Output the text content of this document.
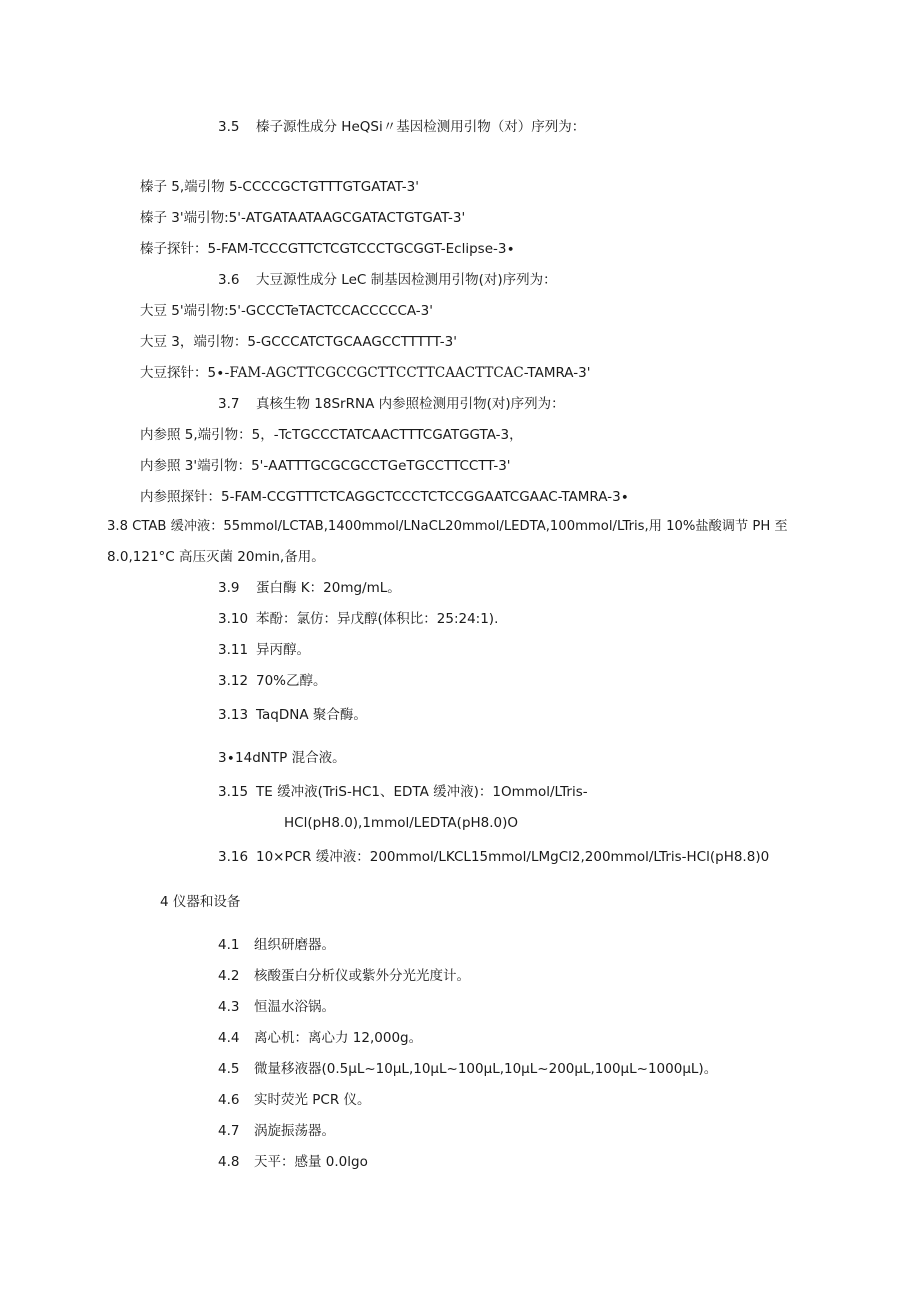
3.5 榛子源性成分 HeQSi〃基因检测用引物（对）序列为：
榛子 5,端引物 5-CCCCGCTGTTTGTGATAT-3'
榛子 3'端引物:5'-ATGATAATAAGCGATACTGTGAT-3'
榛子探针：5-FAM-TCCCGTTCTCGTCCCTGCGGT-Eclipse-3∙
3.6 大豆源性成分 LeC 制基因检测用引物(对)序列为：
大豆 5'端引物:5'-GCCCTeTACTCCACCCCCA-3'
大豆 3，端引物：5-GCCCATCTGCAAGCCTTTTT-3'
大豆探针：5∙-FAM-AGCTTCGCCGCTTCCTTCAACTTCAC-TAMRA-3'
3.7 真核生物 18SrRNA 内参照检测用引物(对)序列为：
内参照 5,端引物：5，-TcTGCCCTATCAACTTTCGATGGTA-3，
内参照 3'端引物：5'-AATTTGCGCGCCTGeTGCCTTCCTT-3'
内参照探针：5-FAM-CCGTTTCTCAGGCTCCCTCTCCGGAATCGAAC-TAMRA-3∙
3.8 CTAB 缓冲液：55mmol/LCTAB,1400mmol/LNaCL20mmol/LEDTA,100mmol/LTris,用 10%盐酸调节 PH 至
8.0,121°C 高压灭菌 20min,备用。
3.9 蛋白酶 K：20mg∕mL。
3.10 苯酚：氯仿：异戊醇(体积比：25:24:1).
3.11 异丙醇。
3.12 70%乙醇。
3.13 TaqDNA 聚合酶。
3∙14dNTP 混合液。
3.15 TE 缓冲液(TriS-HC1、EDTA 缓冲液)：1Ommol/LTris-
HCl(pH8.0),1mmol/LEDTA(pH8.0)O
3.16 10×PCR 缓冲液：200mmol/LKCL15mmol/LMgCl2,200mmol/LTris-HCl(pH8.8)0
4 仪器和设备
4.1 组织研磨器。
4.2 核酸蛋白分析仪或紫外分光光度计。
4.3 恒温水浴锅。
4.4 离心机：离心力 12,000g。
4.5 微量移液器(0.5μL~10μL,10μL~100μL,10μL~200μL,100μL~1000μL)。
4.6 实时荧光 PCR 仪。
4.7 涡旋振荡器。
4.8 天平：感量 0.0lgo
